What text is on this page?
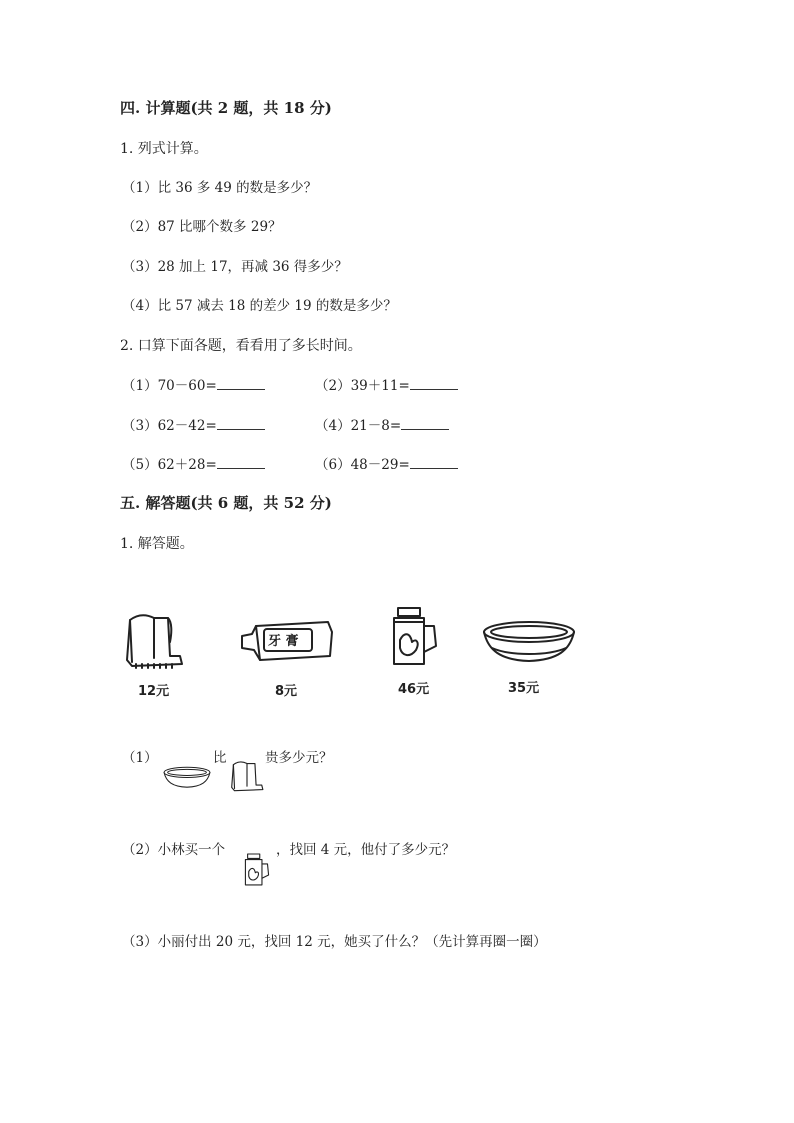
四. 计算题(共 2 题，共 18 分)
1. 列式计算。
（1）比 36 多 49 的数是多少？
（2）87 比哪个数多 29？
（3）28 加上 17，再减 36 得多少？
（4）比 57 减去 18 的差少 19 的数是多少？
2. 口算下面各题，看看用了多长时间。
（1）70－60=	（2）39＋11=
（3）62－42=	（4）21－8=
（5）62＋28=	（6）48－29=
五. 解答题(共 6 题，共 52 分)
1. 解答题。
12元
牙 膏
8元	46元	35元
（1）	比	贵多少元？
（2）小林买一个	，找回 4 元，他付了多少元？
（3）小丽付出 20 元，找回 12 元，她买了什么？（先计算再圈一圈）
